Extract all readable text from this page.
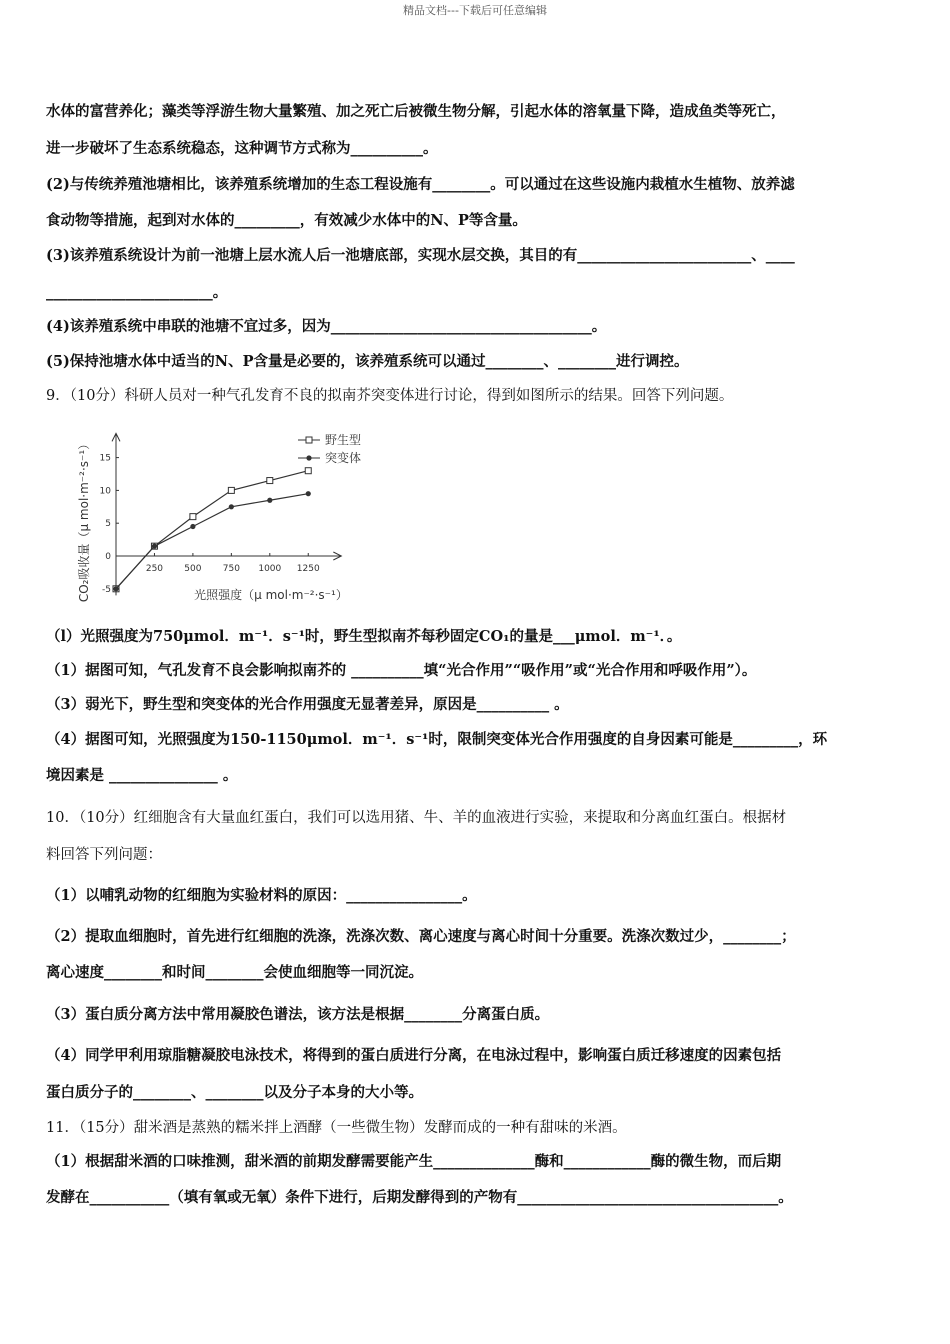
精品文档---下载后可任意编辑
水体的富营养化；藻类等浮游生物大量繁殖、加之死亡后被微生物分解，引起水体的溶氧量下降，造成鱼类等死亡，
进一步破坏了生态系统稳态，这种调节方式称为__________。
(2)与传统养殖池塘相比，该养殖系统增加的生态工程设施有________。可以通过在这些设施内栽植水生植物、放养滤
食动物等措施，起到对水体的_________，有效减少水体中的N、P等含量。
(3)该养殖系统设计为前一池塘上层水流人后一池塘底部，实现水层交换，其目的有________________________、____
_______________________。
(4)该养殖系统中串联的池塘不宜过多，因为____________________________________。
(5)保持池塘水体中适当的N、P含量是必要的，该养殖系统可以通过________、________进行调控。
9．（10分）科研人员对一种气孔发育不良的拟南芥突变体进行讨论，得到如图所示的结果。回答下列问题。
250 500 750 1000 1250
-5
0
5
10
15
野生型
突变体
光照强度（μ mol·m⁻²·s⁻¹）
CO₂吸收量（μ mol·m⁻²·s⁻¹）
（l）光照强度为750μmol．m⁻¹．s⁻¹时，野生型拟南芥每秒固定CO₁的量是___μmol．m⁻¹．。
（1）据图可知，气孔发育不良会影响拟南芥的 __________填“光合作用”“吸作用”或“光合作用和呼吸作用”）。
（3）弱光下，野生型和突变体的光合作用强度无显著差异，原因是__________ 。
（4）据图可知，光照强度为150-1150μmol．m⁻¹．s⁻¹时，限制突变体光合作用强度的自身因素可能是_________，环
境因素是 _______________ 。
10．（10分）红细胞含有大量血红蛋白，我们可以选用猪、牛、羊的血液进行实验，来提取和分离血红蛋白。根据材
料回答下列问题：
（1）以哺乳动物的红细胞为实验材料的原因：________________。
（2）提取血细胞时，首先进行红细胞的洗涤，洗涤次数、离心速度与离心时间十分重要。洗涤次数过少，________；
离心速度________和时间________会使血细胞等一同沉淀。
（3）蛋白质分离方法中常用凝胶色谱法，该方法是根据________分离蛋白质。
（4）同学甲利用琼脂糖凝胶电泳技术，将得到的蛋白质进行分离，在电泳过程中，影响蛋白质迁移速度的因素包括
蛋白质分子的________、________以及分子本身的大小等。
11．（15分）甜米酒是蒸熟的糯米拌上酒酵（一些微生物）发酵而成的一种有甜味的米酒。
（1）根据甜米酒的口味推测，甜米酒的前期发酵需要能产生______________酶和____________酶的微生物，而后期
发酵在___________（填有氧或无氧）条件下进行，后期发酵得到的产物有____________________________________。
